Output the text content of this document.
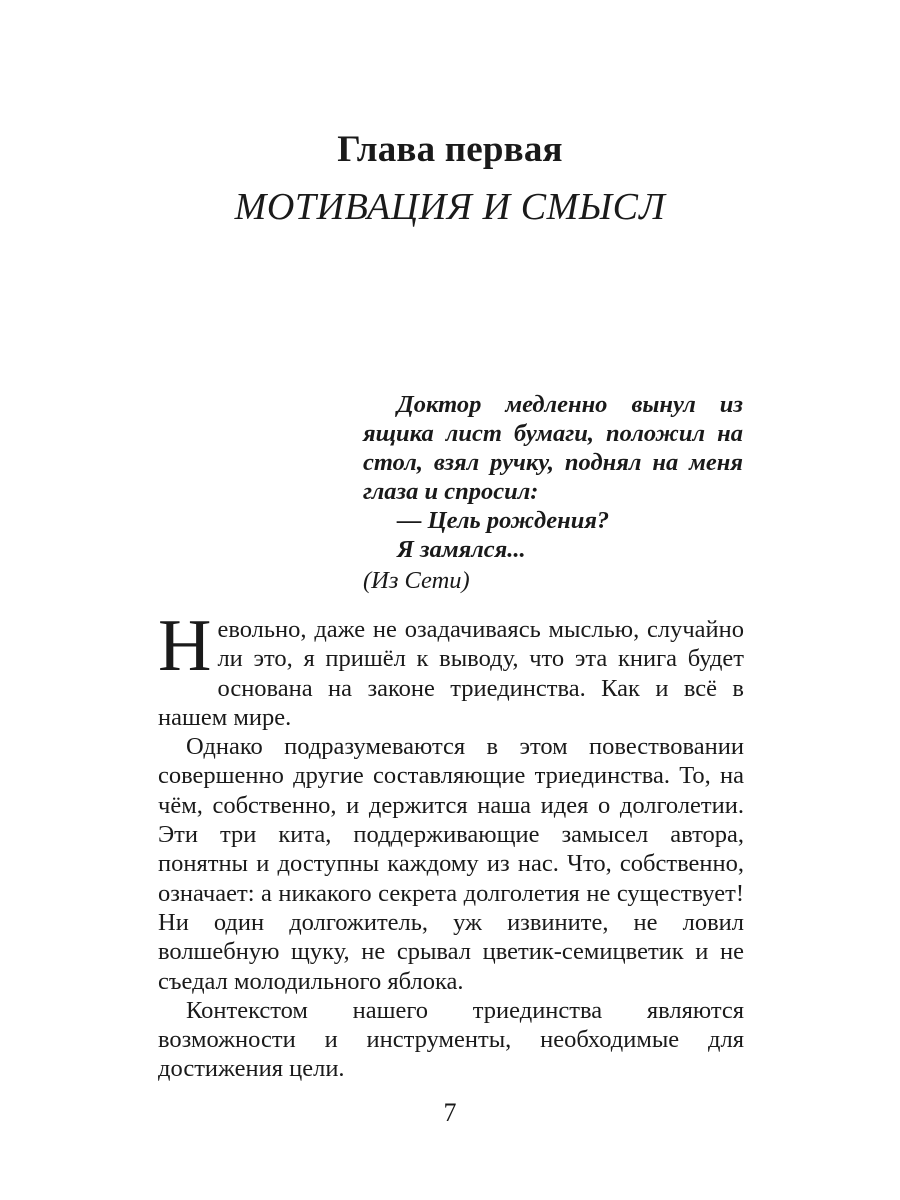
Глава первая
МОТИВАЦИЯ И СМЫСЛ

Доктор медленно вынул из ящика лист бумаги, положил на стол, взял ручку, поднял на меня глаза и спросил:

— Цель рождения?

Я замялся...

(Из Сети)

Невольно, даже не озадачиваясь мыслью, случайно ли это, я пришёл к выводу, что эта книга будет основана на законе триединства. Как и всё в нашем мире.

Однако подразумеваются в этом повествовании совершенно другие составляющие триединства. То, на чём, собственно, и держится наша идея о долголетии. Эти три кита, поддерживающие замысел автора, понятны и доступны каждому из нас. Что, собственно, означает: а никакого секрета долголетия не существует! Ни один долгожитель, уж извините, не ловил волшебную щуку, не срывал цветик-семицветик и не съедал молодильного яблока.

Контекстом нашего триединства являются возможности и инструменты, необходимые для достижения цели.

7
